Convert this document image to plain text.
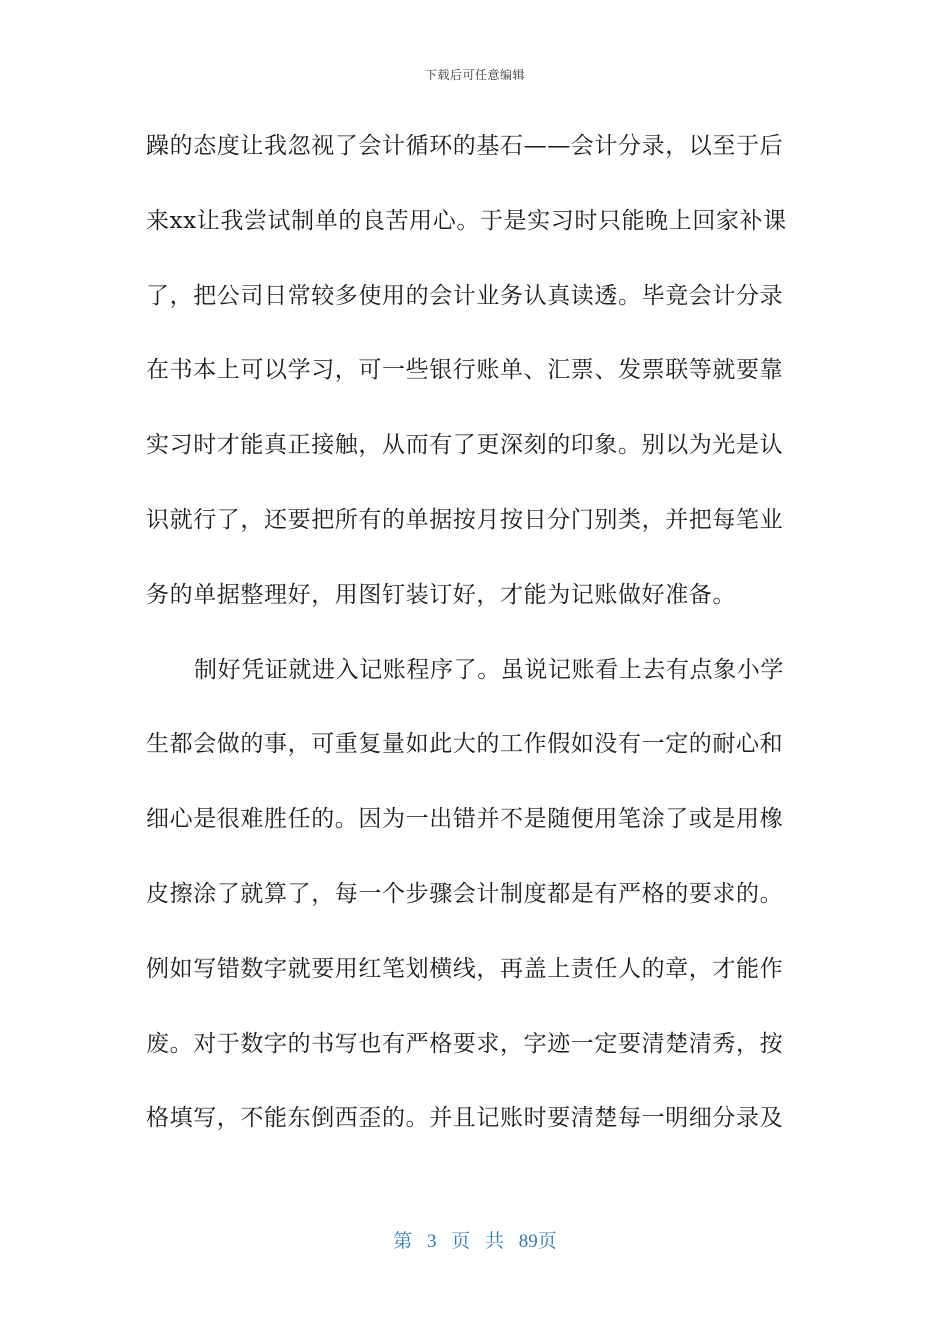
下载后可任意编辑
躁的态度让我忽视了会计循环的基石——会计分录，以至于后
来xx让我尝试制单的良苦用心。于是实习时只能晚上回家补课
了，把公司日常较多使用的会计业务认真读透。毕竟会计分录
在书本上可以学习，可一些银行账单、汇票、发票联等就要靠
实习时才能真正接触，从而有了更深刻的印象。别以为光是认
识就行了，还要把所有的单据按月按日分门别类，并把每笔业
务的单据整理好，用图钉装订好，才能为记账做好准备。
制好凭证就进入记账程序了。虽说记账看上去有点象小学
生都会做的事，可重复量如此大的工作假如没有一定的耐心和
细心是很难胜任的。因为一出错并不是随便用笔涂了或是用橡
皮擦涂了就算了，每一个步骤会计制度都是有严格的要求的。
例如写错数字就要用红笔划横线，再盖上责任人的章，才能作
废。对于数字的书写也有严格要求，字迹一定要清楚清秀，按
格填写，不能东倒西歪的。并且记账时要清楚每一明细分录及
第 3 页 共 89页
